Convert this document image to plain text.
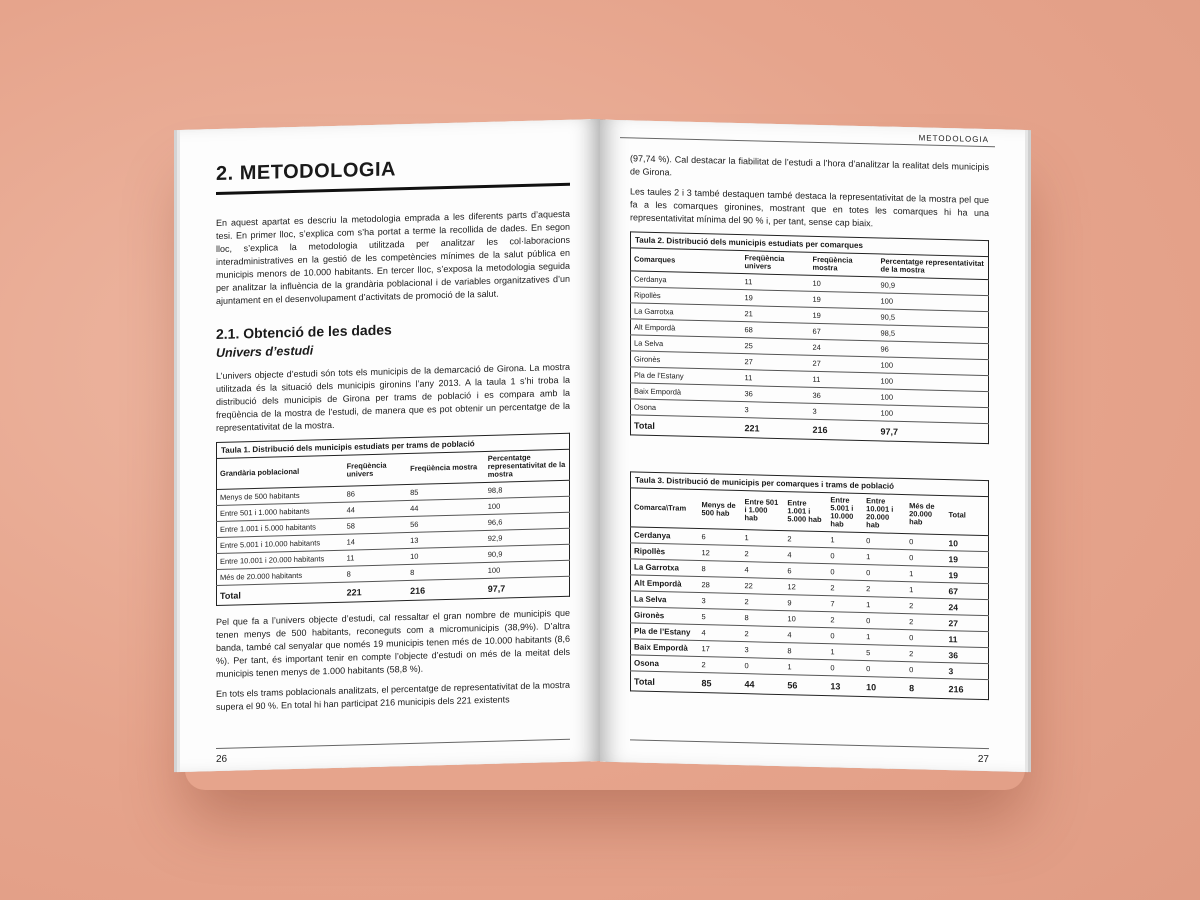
2. METODOLOGIA

En aquest apartat es descriu la metodologia emprada a les diferents parts d’aquesta tesi. En primer lloc, s’explica com s’ha portat a terme la recollida de dades. En segon lloc, s’explica la metodologia utilitzada per analitzar les col·laboracions interadministratives en la gestió de les competències mínimes de la salut pública en municipis menors de 10.000 habitants. En tercer lloc, s’exposa la metodologia seguida per analitzar la influència de la grandària poblacional i de variables organitzatives d’un ajuntament en el desenvolupament d’activitats de promoció de la salut.

2.1. Obtenció de les dades
Univers d’estudi

L’univers objecte d’estudi són tots els municipis de la demarcació de Girona. La mostra utilitzada és la situació dels municipis gironins l’any 2013. A la taula 1 s’hi troba la distribució dels municipis de Girona per trams de població i es compara amb la freqüència de la mostra de l’estudi, de manera que es pot obtenir un percentatge de la representativitat de la mostra.

Taula 1. Distribució dels municipis estudiats per trams de població
Grandària poblacional	Freqüència univers	Freqüència mostra	Percentatge representativitat de la mostra
Menys de 500 habitants	86	85	98,8
Entre 501 i 1.000 habitants	44	44	100
Entre 1.001 i 5.000 habitants	58	56	96,6
Entre 5.001 i 10.000 habitants	14	13	92,9
Entre 10.001 i 20.000 habitants	11	10	90,9
Més de 20.000 habitants	8	8	100
Total	221	216	97,7

Pel que fa a l’univers objecte d’estudi, cal ressaltar el gran nombre de municipis que tenen menys de 500 habitants, reconeguts com a micromunicipis (38,9%). D’altra banda, també cal senyalar que només 19 municipis tenen més de 10.000 habitants (8,6 %). Per tant, és important tenir en compte l’objecte d’estudi on més de la meitat dels municipis tenen menys de 1.000 habitants (58,8 %).

En tots els trams poblacionals analitzats, el percentatge de representativitat de la mostra supera el 90 %. En total hi han participat 216 municipis dels 221 existents

26
METODOLOGIA

(97,74 %). Cal destacar la fiabilitat de l’estudi a l’hora d’analitzar la realitat dels municipis de Girona.

Les taules 2 i 3 també destaquen també destaca la representativitat de la mostra pel que fa a les comarques gironines, mostrant que en totes les comarques hi ha una representativitat mínima del 90 % i, per tant, sense cap biaix.

Taula 2. Distribució dels municipis estudiats per comarques
Comarques	Freqüència univers	Freqüència mostra	Percentatge representativitat de la mostra
Cerdanya	11	10	90,9
Ripollès	19	19	100
La Garrotxa	21	19	90,5
Alt Empordà	68	67	98,5
La Selva	25	24	96
Gironès	27	27	100
Pla de l’Estany	11	11	100
Baix Empordà	36	36	100
Osona	3	3	100
Total	221	216	97,7
Taula 3. Distribució de municipis per comarques i trams de població
Comarca\Tram	Menys de 500 hab	Entre 501 i 1.000 hab	Entre 1.001 i 5.000 hab	Entre 5.001 i 10.000 hab	Entre 10.001 i 20.000 hab	Més de 20.000 hab	Total
Cerdanya	6	1	2	1	0	0	10
Ripollès	12	2	4	0	1	0	19
La Garrotxa	8	4	6	0	0	1	19
Alt Empordà	28	22	12	2	2	1	67
La Selva	3	2	9	7	1	2	24
Gironès	5	8	10	2	0	2	27
Pla de l’Estany	4	2	4	0	1	0	11
Baix Empordà	17	3	8	1	5	2	36
Osona	2	0	1	0	0	0	3
Total	85	44	56	13	10	8	216
27
